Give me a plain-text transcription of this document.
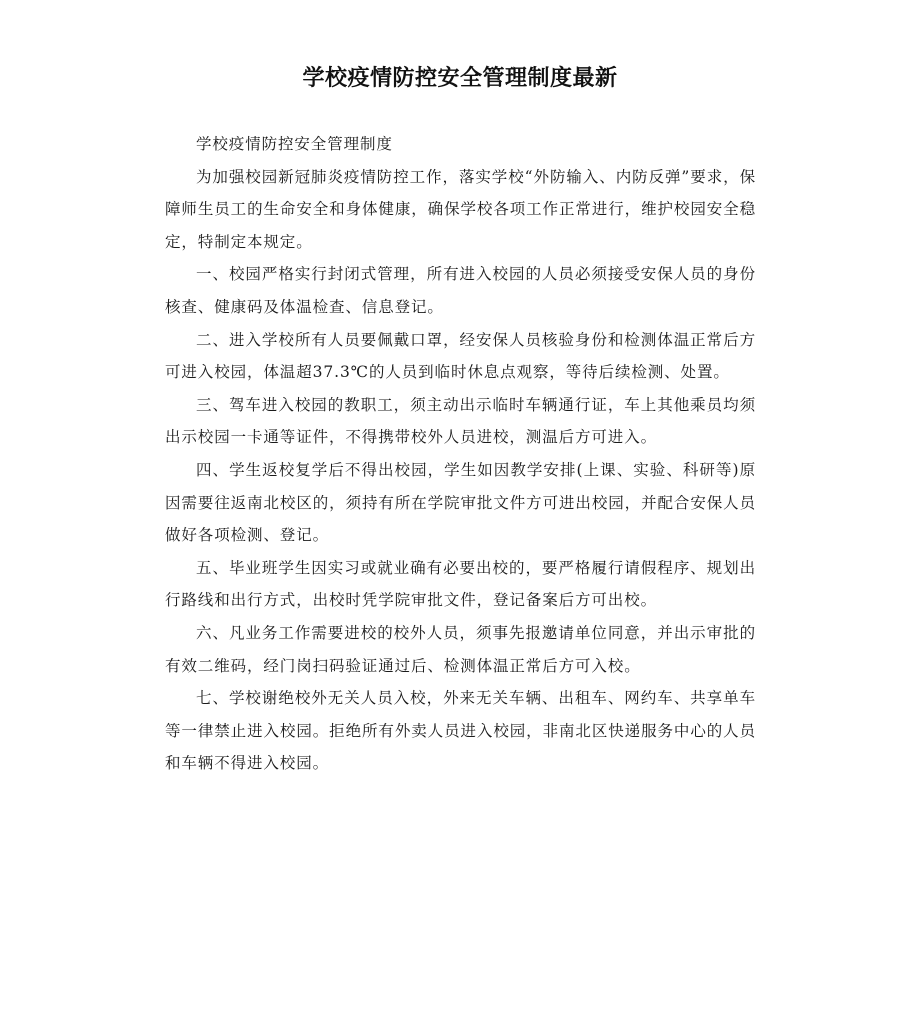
学校疫情防控安全管理制度最新

学校疫情防控安全管理制度

为加强校园新冠肺炎疫情防控工作，落实学校“外防输入、内防反弹”要求，保障师生员工的生命安全和身体健康，确保学校各项工作正常进行，维护校园安全稳定，特制定本规定。

一、校园严格实行封闭式管理，所有进入校园的人员必须接受安保人员的身份核查、健康码及体温检查、信息登记。

二、进入学校所有人员要佩戴口罩，经安保人员核验身份和检测体温正常后方可进入校园，体温超37.3℃的人员到临时休息点观察，等待后续检测、处置。

三、驾车进入校园的教职工，须主动出示临时车辆通行证，车上其他乘员均须出示校园一卡通等证件，不得携带校外人员进校，测温后方可进入。

四、学生返校复学后不得出校园，学生如因教学安排(上课、实验、科研等)原因需要往返南北校区的，须持有所在学院审批文件方可进出校园，并配合安保人员做好各项检测、登记。

五、毕业班学生因实习或就业确有必要出校的，要严格履行请假程序、规划出行路线和出行方式，出校时凭学院审批文件，登记备案后方可出校。

六、凡业务工作需要进校的校外人员，须事先报邀请单位同意，并出示审批的有效二维码，经门岗扫码验证通过后、检测体温正常后方可入校。

七、学校谢绝校外无关人员入校，外来无关车辆、出租车、网约车、共享单车等一律禁止进入校园。拒绝所有外卖人员进入校园，非南北区快递服务中心的人员和车辆不得进入校园。
